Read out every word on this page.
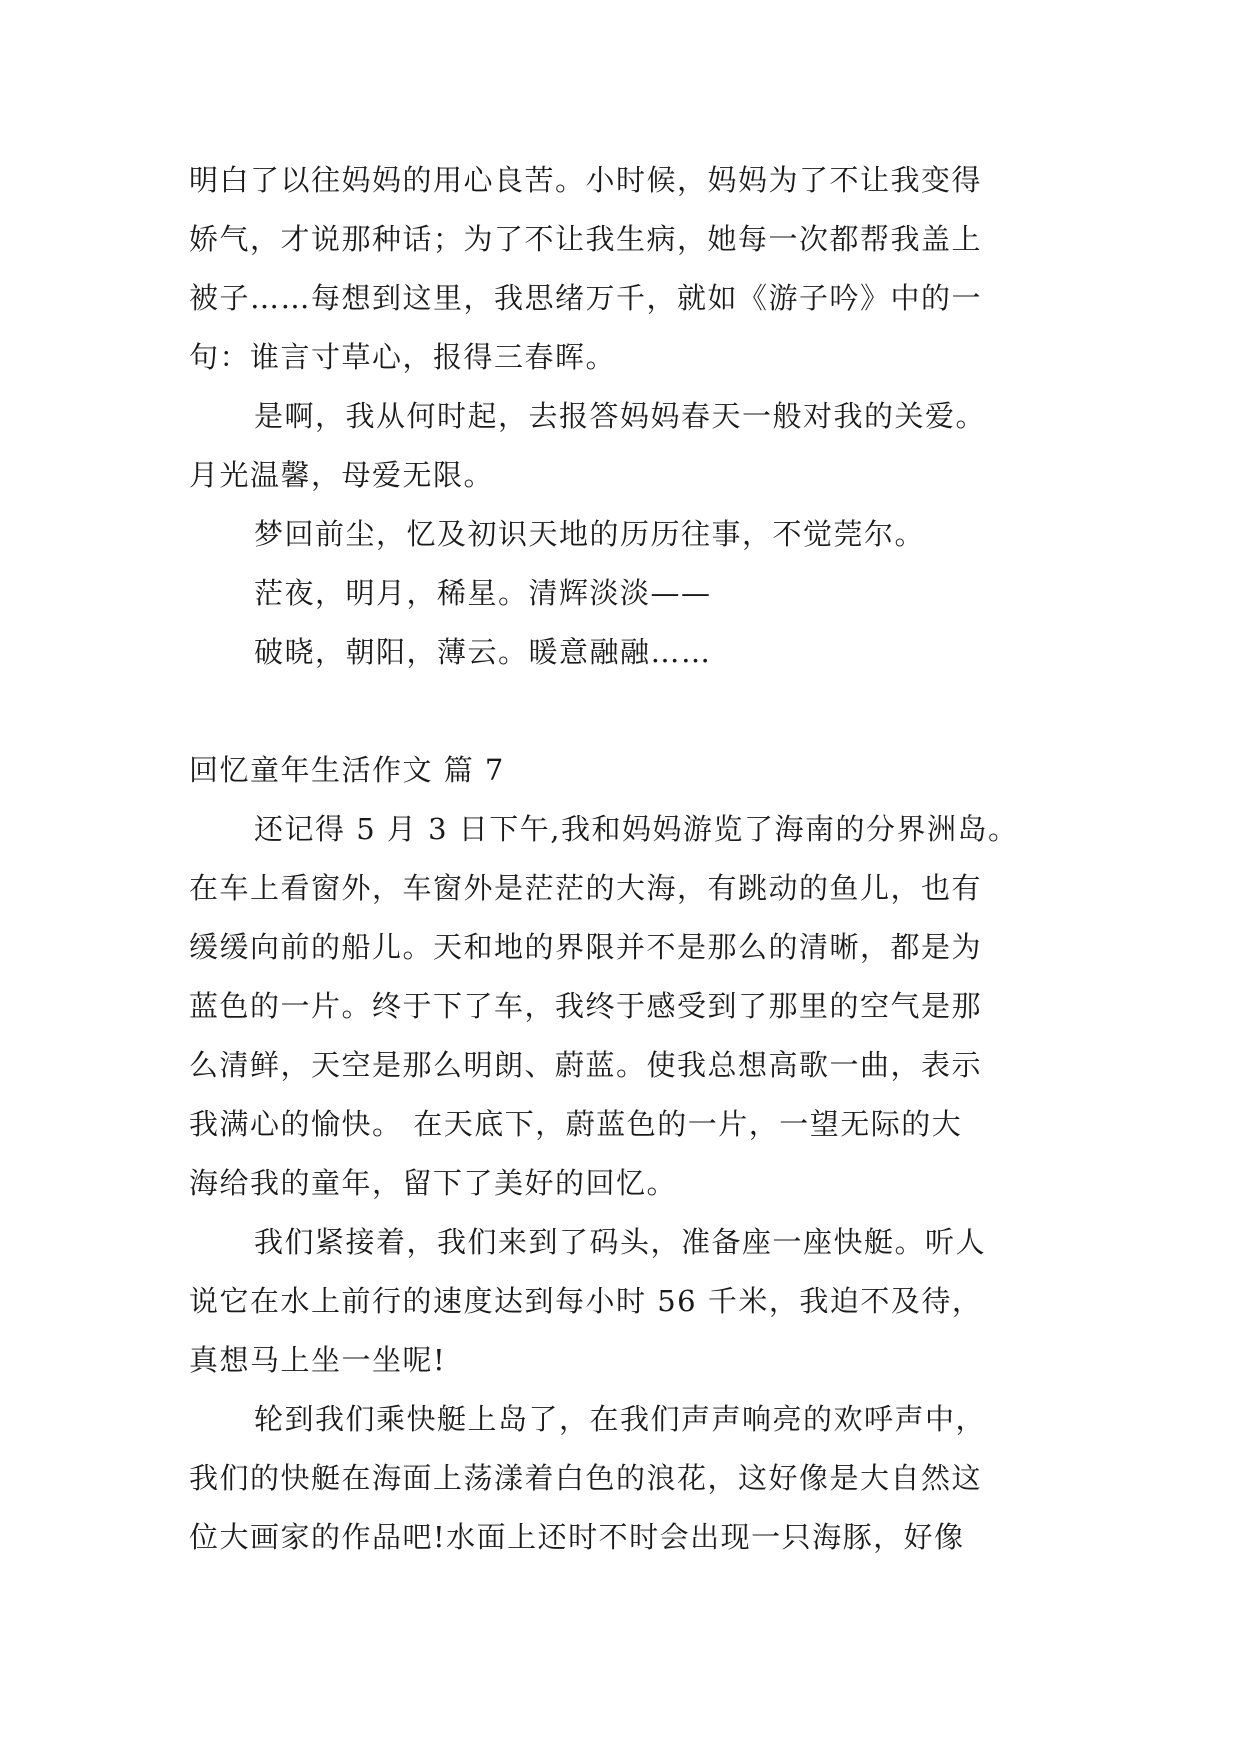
明白了以往妈妈的用心良苦。小时候，妈妈为了不让我变得
娇气，才说那种话；为了不让我生病，她每一次都帮我盖上
被子……每想到这里，我思绪万千，就如《游子吟》中的一
句：谁言寸草心，报得三春晖。
是啊，我从何时起，去报答妈妈春天一般对我的关爱。
月光温馨，母爱无限。
梦回前尘，忆及初识天地的历历往事，不觉莞尔。
茫夜，明月，稀星。清辉淡淡——
破晓，朝阳，薄云。暖意融融……
回忆童年生活作文 篇 7
还记得 5 月 3 日下午,我和妈妈游览了海南的分界洲岛。
在车上看窗外，车窗外是茫茫的大海，有跳动的鱼儿，也有
缓缓向前的船儿。天和地的界限并不是那么的清晰，都是为
蓝色的一片。终于下了车，我终于感受到了那里的空气是那
么清鲜，天空是那么明朗、蔚蓝。使我总想高歌一曲，表示
我满心的愉快。 在天底下，蔚蓝色的一片，一望无际的大
海给我的童年，留下了美好的回忆。
我们紧接着，我们来到了码头，准备座一座快艇。听人
说它在水上前行的速度达到每小时 56 千米，我迫不及待，
真想马上坐一坐呢!
轮到我们乘快艇上岛了，在我们声声响亮的欢呼声中，
我们的快艇在海面上荡漾着白色的浪花，这好像是大自然这
位大画家的作品吧!水面上还时不时会出现一只海豚，好像
